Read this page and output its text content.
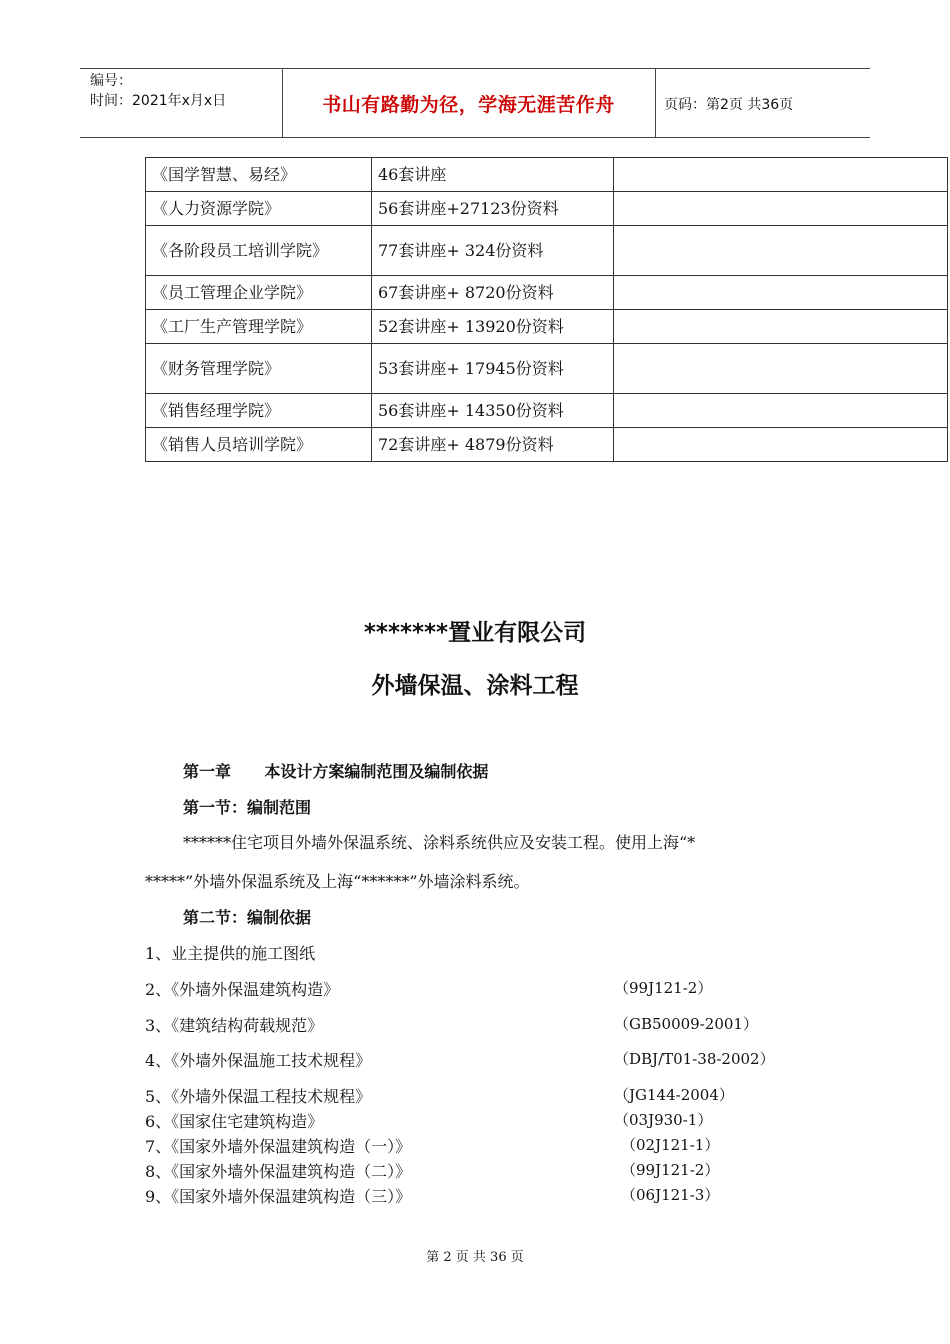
编号：
时间：2021年x月x日	书山有路勤为径，学海无涯苦作舟	页码：第2页 共36页
《国学智慧、易经》	46套讲座	
《人力资源学院》	56套讲座+27123份资料	
《各阶段员工培训学院》	77套讲座+ 324份资料	
《员工管理企业学院》	67套讲座+ 8720份资料	
《工厂生产管理学院》	52套讲座+ 13920份资料	
《财务管理学院》	53套讲座+ 17945份资料	
《销售经理学院》	56套讲座+ 14350份资料	
《销售人员培训学院》	72套讲座+ 4879份资料	
*******置业有限公司
外墙保温、涂料工程
第一章      本设计方案编制范围及编制依据
第一节：编制范围
******住宅项目外墙外保温系统、涂料系统供应及安装工程。使用上海“*
*****”外墙外保温系统及上海“******”外墙涂料系统。
第二节：编制依据
1、业主提供的施工图纸
2、《外墙外保温建筑构造》	（99J121-2）
3、《建筑结构荷载规范》	（GB50009-2001）
4、《外墙外保温施工技术规程》	（DBJ/T01-38-2002）
5、《外墙外保温工程技术规程》	（JG144-2004）
6、《国家住宅建筑构造》	（03J930-1）
7、《国家外墙外保温建筑构造（一）》	（02J121-1）
8、《国家外墙外保温建筑构造（二）》	（99J121-2）
9、《国家外墙外保温建筑构造（三）》	（06J121-3）
第 2 页 共 36 页
